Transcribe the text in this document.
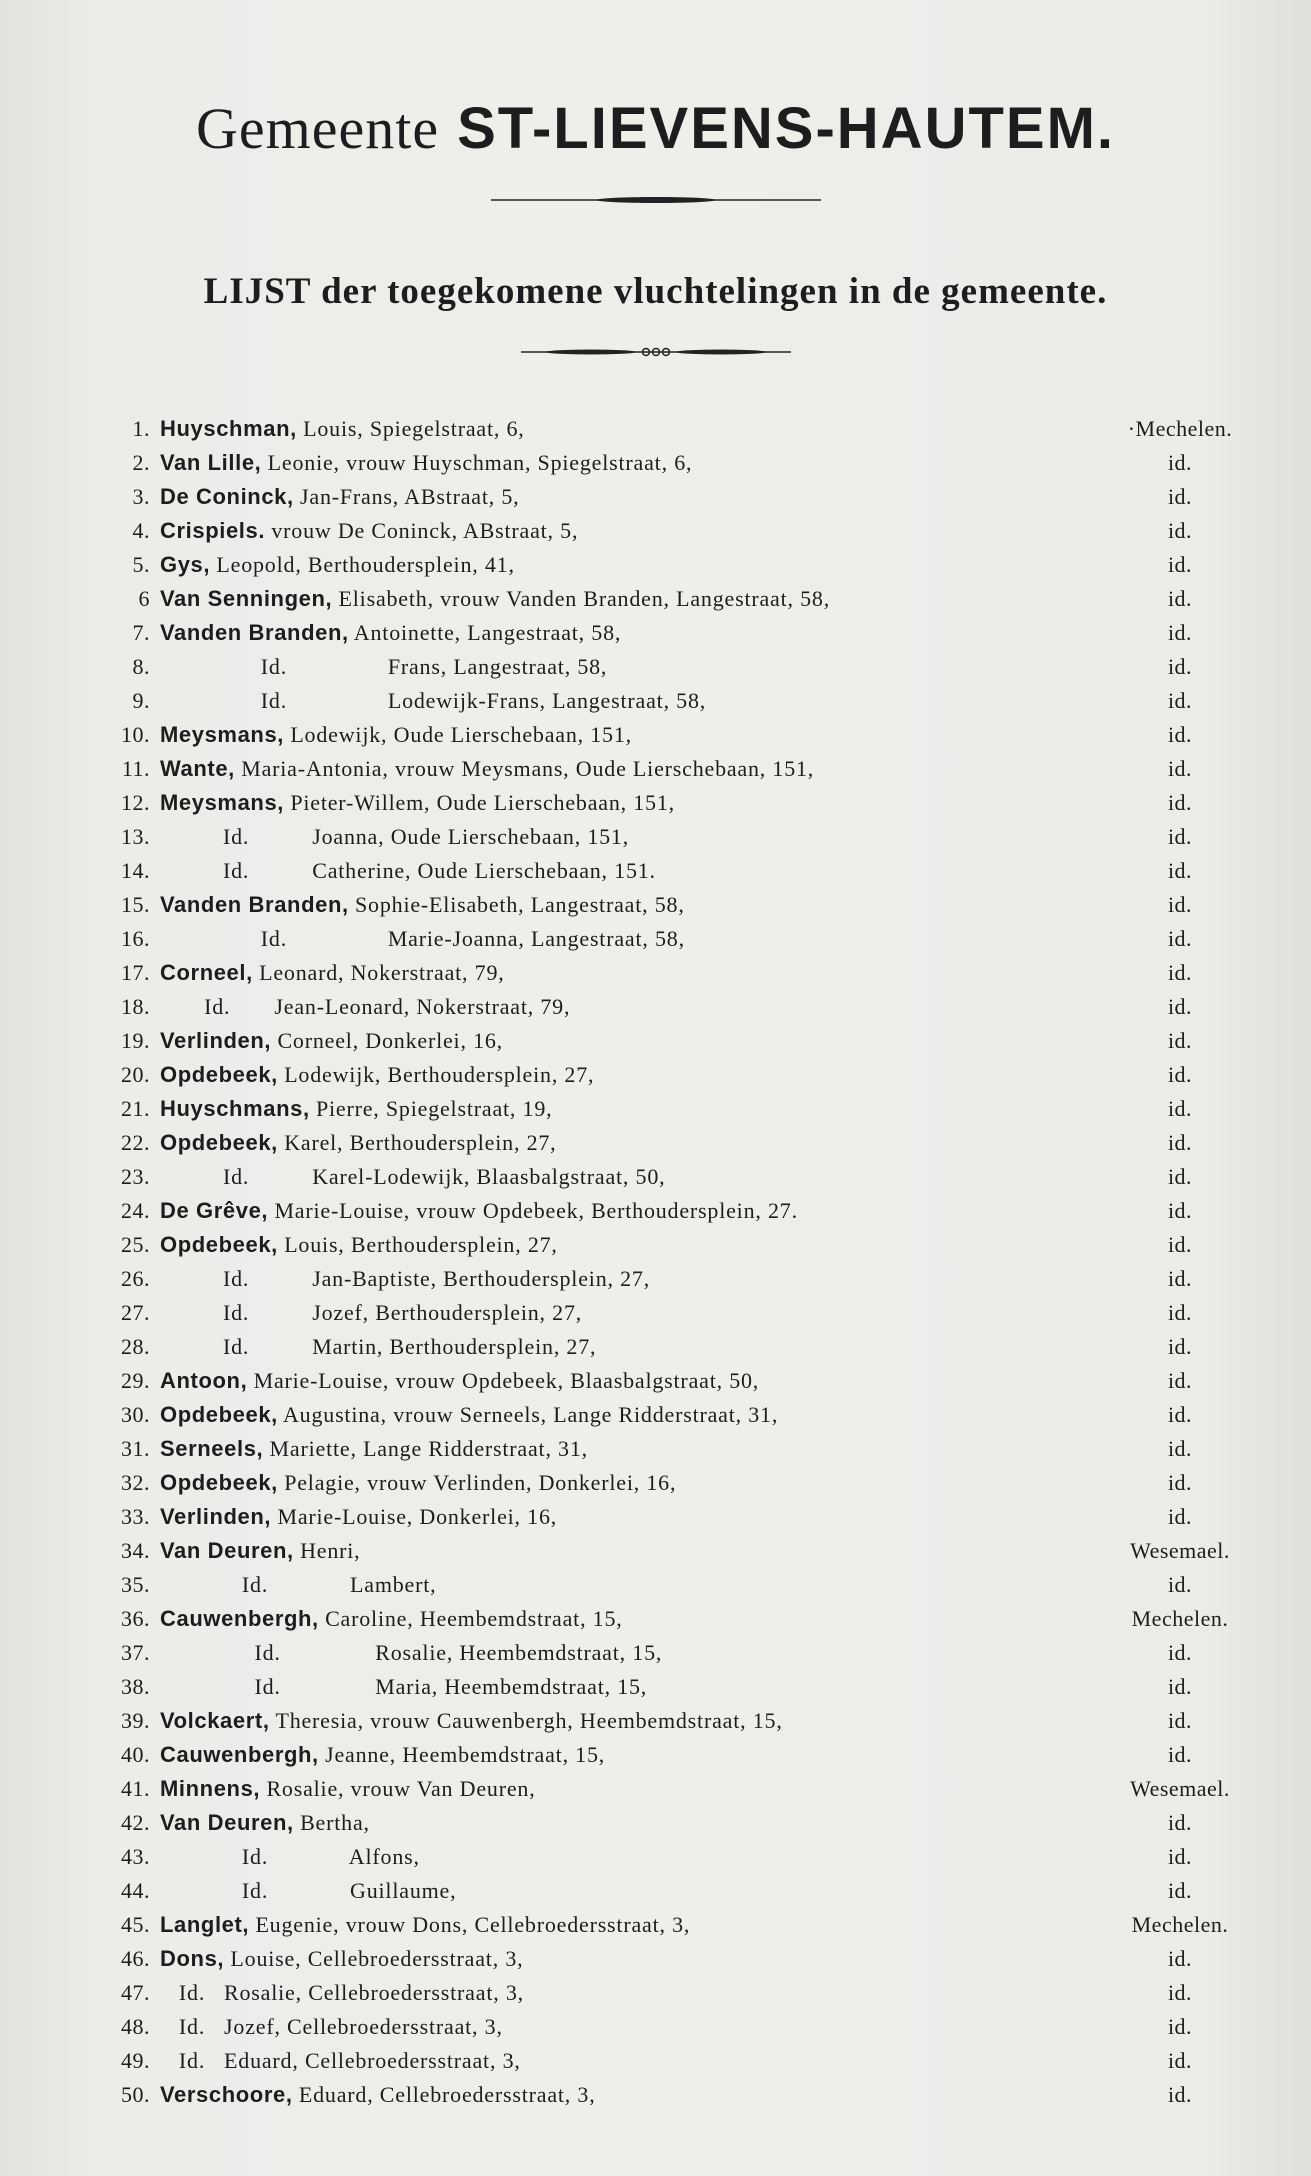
Gemeente ST-LIEVENS-HAUTEM.
LIJST der toegekomene vluchtelingen in de gemeente.
1. Huyschman, Louis, Spiegelstraat, 6,	·Mechelen.
2. Van Lille, Leonie, vrouw Huyschman, Spiegelstraat, 6,	id.
3. De Coninck, Jan-Frans, ABstraat, 5,	id.
4. Crispiels. vrouw De Coninck, ABstraat, 5,	id.
5. Gys, Leopold, Berthoudersplein, 41,	id.
6 Van Senningen, Elisabeth, vrouw Vanden Branden, Langestraat, 58,	id.
7. Vanden Branden, Antoinette, Langestraat, 58,	id.
8. Id.                Frans, Langestraat, 58,	id.
9. Id.                Lodewijk-Frans, Langestraat, 58,	id.
10. Meysmans, Lodewijk, Oude Lierschebaan, 151,	id.
11. Wante, Maria-Antonia, vrouw Meysmans, Oude Lierschebaan, 151,	id.
12. Meysmans, Pieter-Willem, Oude Lierschebaan, 151,	id.
13. Id.          Joanna, Oude Lierschebaan, 151,	id.
14. Id.          Catherine, Oude Lierschebaan, 151.	id.
15. Vanden Branden, Sophie-Elisabeth, Langestraat, 58,	id.
16. Id.                Marie-Joanna, Langestraat, 58,	id.
17. Corneel, Leonard, Nokerstraat, 79,	id.
18. Id.       Jean-Leonard, Nokerstraat, 79,	id.
19. Verlinden, Corneel, Donkerlei, 16,	id.
20. Opdebeek, Lodewijk, Berthoudersplein, 27,	id.
21. Huyschmans, Pierre, Spiegelstraat, 19,	id.
22. Opdebeek, Karel, Berthoudersplein, 27,	id.
23. Id.          Karel-Lodewijk, Blaasbalgstraat, 50,	id.
24. De Grêve, Marie-Louise, vrouw Opdebeek, Berthoudersplein, 27.	id.
25. Opdebeek, Louis, Berthoudersplein, 27,	id.
26. Id.          Jan-Baptiste, Berthoudersplein, 27,	id.
27. Id.          Jozef, Berthoudersplein, 27,	id.
28. Id.          Martin, Berthoudersplein, 27,	id.
29. Antoon, Marie-Louise, vrouw Opdebeek, Blaasbalgstraat, 50,	id.
30. Opdebeek, Augustina, vrouw Serneels, Lange Ridderstraat, 31,	id.
31. Serneels, Mariette, Lange Ridderstraat, 31,	id.
32. Opdebeek, Pelagie, vrouw Verlinden, Donkerlei, 16,	id.
33. Verlinden, Marie-Louise, Donkerlei, 16,	id.
34. Van Deuren, Henri,	Wesemael.
35. Id.             Lambert,	id.
36. Cauwenbergh, Caroline, Heembemdstraat, 15,	Mechelen.
37. Id.               Rosalie, Heembemdstraat, 15,	id.
38. Id.               Maria, Heembemdstraat, 15,	id.
39. Volckaert, Theresia, vrouw Cauwenbergh, Heembemdstraat, 15,	id.
40. Cauwenbergh, Jeanne, Heembemdstraat, 15,	id.
41. Minnens, Rosalie, vrouw Van Deuren,	Wesemael.
42. Van Deuren, Bertha,	id.
43. Id.             Alfons,	id.
44. Id.             Guillaume,	id.
45. Langlet, Eugenie, vrouw Dons, Cellebroedersstraat, 3,	Mechelen.
46. Dons, Louise, Cellebroedersstraat, 3,	id.
47. Id.   Rosalie, Cellebroedersstraat, 3,	id.
48. Id.   Jozef, Cellebroedersstraat, 3,	id.
49. Id.   Eduard, Cellebroedersstraat, 3,	id.
50. Verschoore, Eduard, Cellebroedersstraat, 3,	id.
